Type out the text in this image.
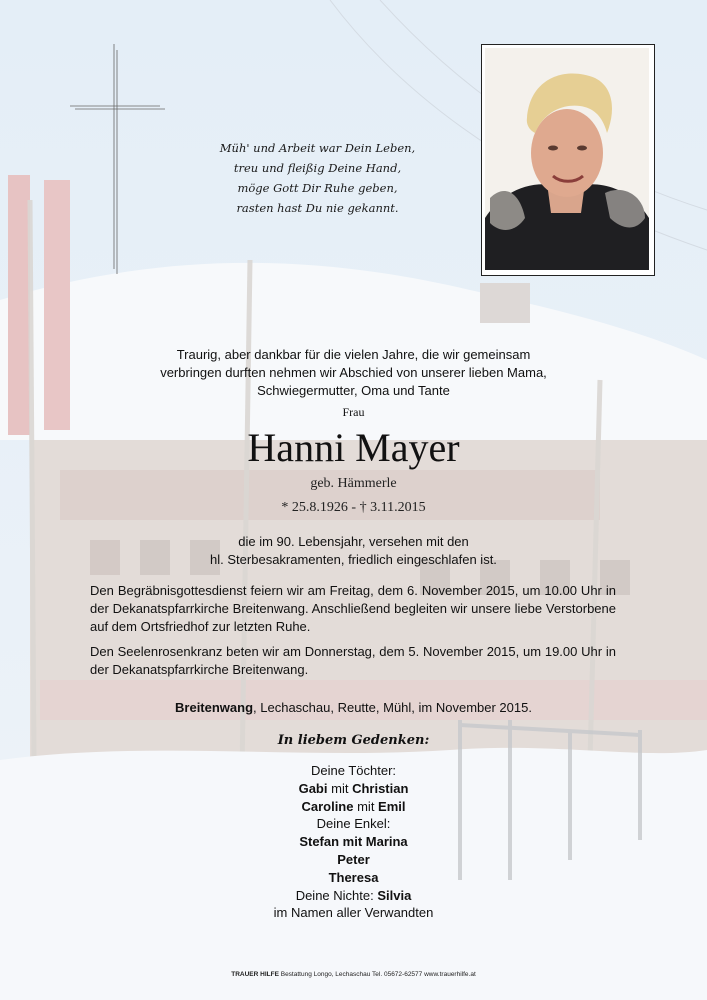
Müh' und Arbeit war Dein Leben,
treu und fleißig Deine Hand,
möge Gott Dir Ruhe geben,
rasten hast Du nie gekannt.
Traurig, aber dankbar für die vielen Jahre, die wir gemeinsam
verbringen durften nehmen wir Abschied von unserer lieben Mama,
Schwiegermutter, Oma und Tante
Frau
Hanni Mayer
geb. Hämmerle
* 25.8.1926 - † 3.11.2015
die im 90. Lebensjahr, versehen mit den
hl. Sterbesakramenten, friedlich eingeschlafen ist.
Den Begräbnisgottesdienst feiern wir am Freitag, dem 6. November 2015, um 10.00 Uhr in der Dekanatspfarrkirche Breitenwang. Anschließend begleiten wir unsere liebe Verstorbene auf dem Ortsfriedhof zur letzten Ruhe.
Den Seelenrosenkranz beten wir am Donnerstag, dem 5. November 2015, um 19.00 Uhr in der Dekanatspfarrkirche Breitenwang.
Breitenwang, Lechaschau, Reutte, Mühl, im November 2015.
In liebem Gedenken:
Deine Töchter:
Gabi mit Christian
Caroline mit Emil
Deine Enkel:
Stefan mit Marina
Peter
Theresa
Deine Nichte: Silvia
im Namen aller Verwandten
TRAUER HILFE Bestattung Longo, Lechaschau Tel. 05672-62577 www.trauerhilfe.at
